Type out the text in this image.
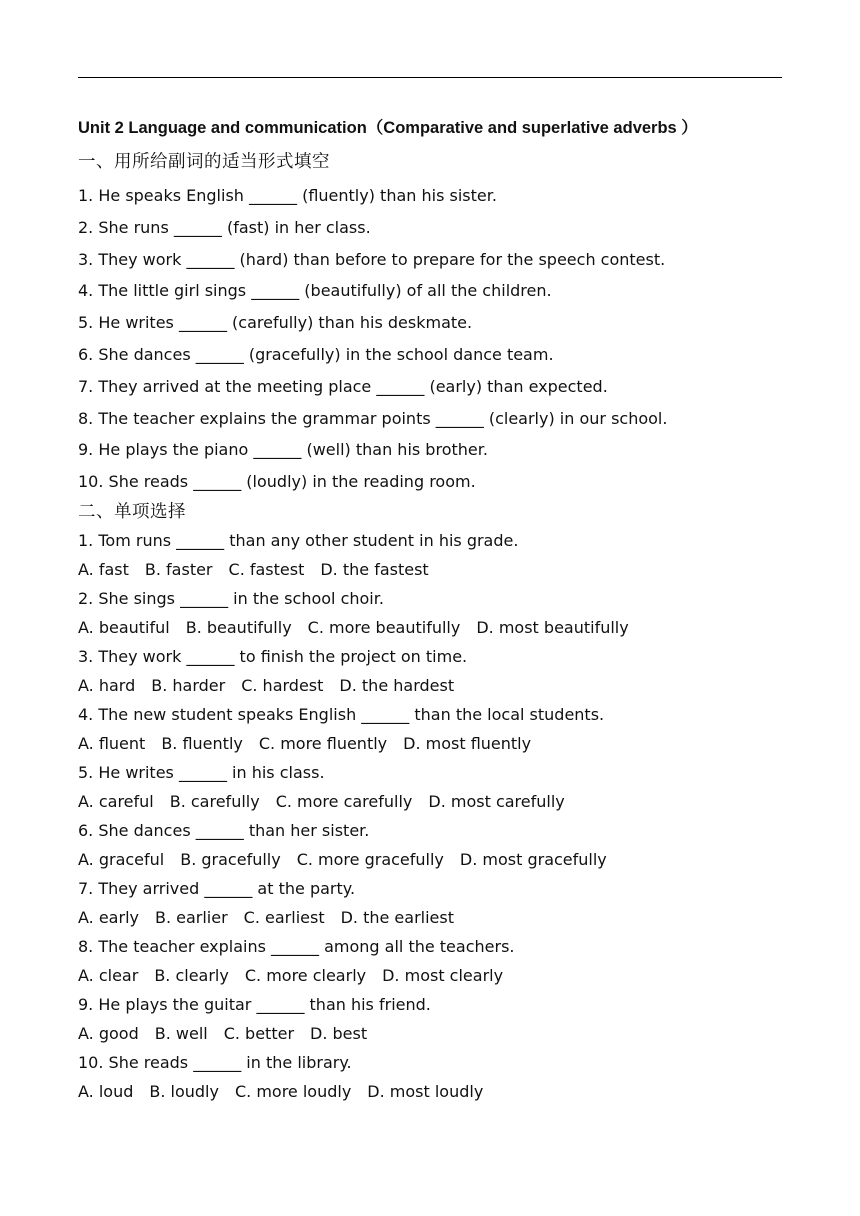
Unit 2 Language and communication（Comparative and superlative adverbs ）
一、用所给副词的适当形式填空
1. He speaks English ______ (fluently) than his sister.
2. She runs ______ (fast) in her class.
3. They work ______ (hard) than before to prepare for the speech contest.
4. The little girl sings ______ (beautifully) of all the children.
5. He writes ______ (carefully) than his deskmate.
6. She dances ______ (gracefully) in the school dance team.
7. They arrived at the meeting place ______ (early) than expected.
8. The teacher explains the grammar points ______ (clearly) in our school.
9. He plays the piano ______ (well) than his brother.
10. She reads ______ (loudly) in the reading room.
二、单项选择
1. Tom runs ______ than any other student in his grade.
A. fast B. faster C. fastest D. the fastest
2. She sings ______ in the school choir.
A. beautiful B. beautifully C. more beautifully D. most beautifully
3. They work ______ to finish the project on time.
A. hard B. harder C. hardest D. the hardest
4. The new student speaks English ______ than the local students.
A. fluent B. fluently C. more fluently D. most fluently
5. He writes ______ in his class.
A. careful B. carefully C. more carefully D. most carefully
6. She dances ______ than her sister.
A. graceful B. gracefully C. more gracefully D. most gracefully
7. They arrived ______ at the party.
A. early B. earlier C. earliest D. the earliest
8. The teacher explains ______ among all the teachers.
A. clear B. clearly C. more clearly D. most clearly
9. He plays the guitar ______ than his friend.
A. good B. well C. better D. best
10. She reads ______ in the library.
A. loud B. loudly C. more loudly D. most loudly
